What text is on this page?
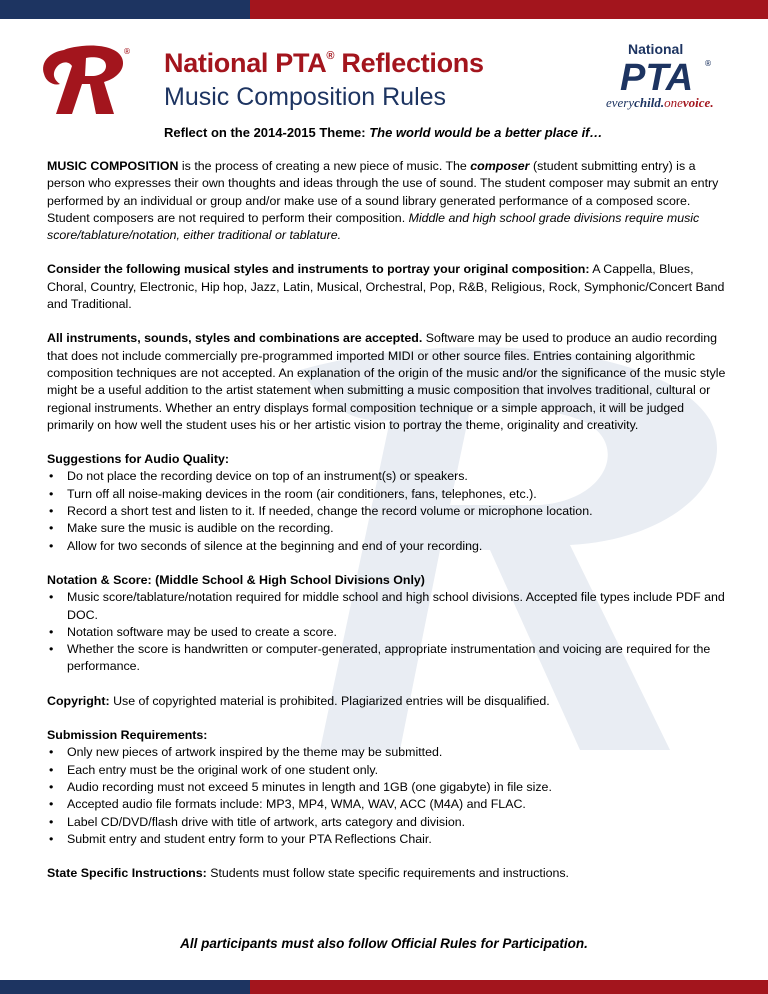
® National PTA® Reflections
Music Composition Rules
National
PTA ®
everychild.onevoice.
Reflect on the 2014-2015 Theme: The world would be a better place if…

MUSIC COMPOSITION is the process of creating a new piece of music. The composer (student submitting entry) is a person who expresses their own thoughts and ideas through the use of sound. The student composer may submit an entry performed by an individual or group and/or make use of a sound library generated performance of a composed score. Student composers are not required to perform their composition. Middle and high school grade divisions require music score/tablature/notation, either traditional or tablature.

Consider the following musical styles and instruments to portray your original composition: A Cappella, Blues, Choral, Country, Electronic, Hip hop, Jazz, Latin, Musical, Orchestral, Pop, R&B, Religious, Rock, Symphonic/Concert Band and Traditional.

All instruments, sounds, styles and combinations are accepted. Software may be used to produce an audio recording that does not include commercially pre-programmed imported MIDI or other source files. Entries containing algorithmic composition techniques are not accepted. An explanation of the origin of the music and/or the significance of the music style might be a useful addition to the artist statement when submitting a music composition that involves traditional, cultural or regional instruments. Whether an entry displays formal composition technique or a simple approach, it will be judged primarily on how well the student uses his or her artistic vision to portray the theme, originality and creativity.

Suggestions for Audio Quality:
• Do not place the recording device on top of an instrument(s) or speakers.
• Turn off all noise-making devices in the room (air conditioners, fans, telephones, etc.).
• Record a short test and listen to it. If needed, change the record volume or microphone location.
• Make sure the music is audible on the recording.
• Allow for two seconds of silence at the beginning and end of your recording.
Notation & Score: (Middle School & High School Divisions Only)
• Music score/tablature/notation required for middle school and high school divisions. Accepted file types include PDF and DOC.
• Notation software may be used to create a score.
• Whether the score is handwritten or computer-generated, appropriate instrumentation and voicing are required for the performance.

Copyright: Use of copyrighted material is prohibited. Plagiarized entries will be disqualified.

Submission Requirements:
• Only new pieces of artwork inspired by the theme may be submitted.
• Each entry must be the original work of one student only.
• Audio recording must not exceed 5 minutes in length and 1GB (one gigabyte) in file size.
• Accepted audio file formats include: MP3, MP4, WMA, WAV, ACC (M4A) and FLAC.
• Label CD/DVD/flash drive with title of artwork, arts category and division.
• Submit entry and student entry form to your PTA Reflections Chair.

State Specific Instructions: Students must follow state specific requirements and instructions.

All participants must also follow Official Rules for Participation.
